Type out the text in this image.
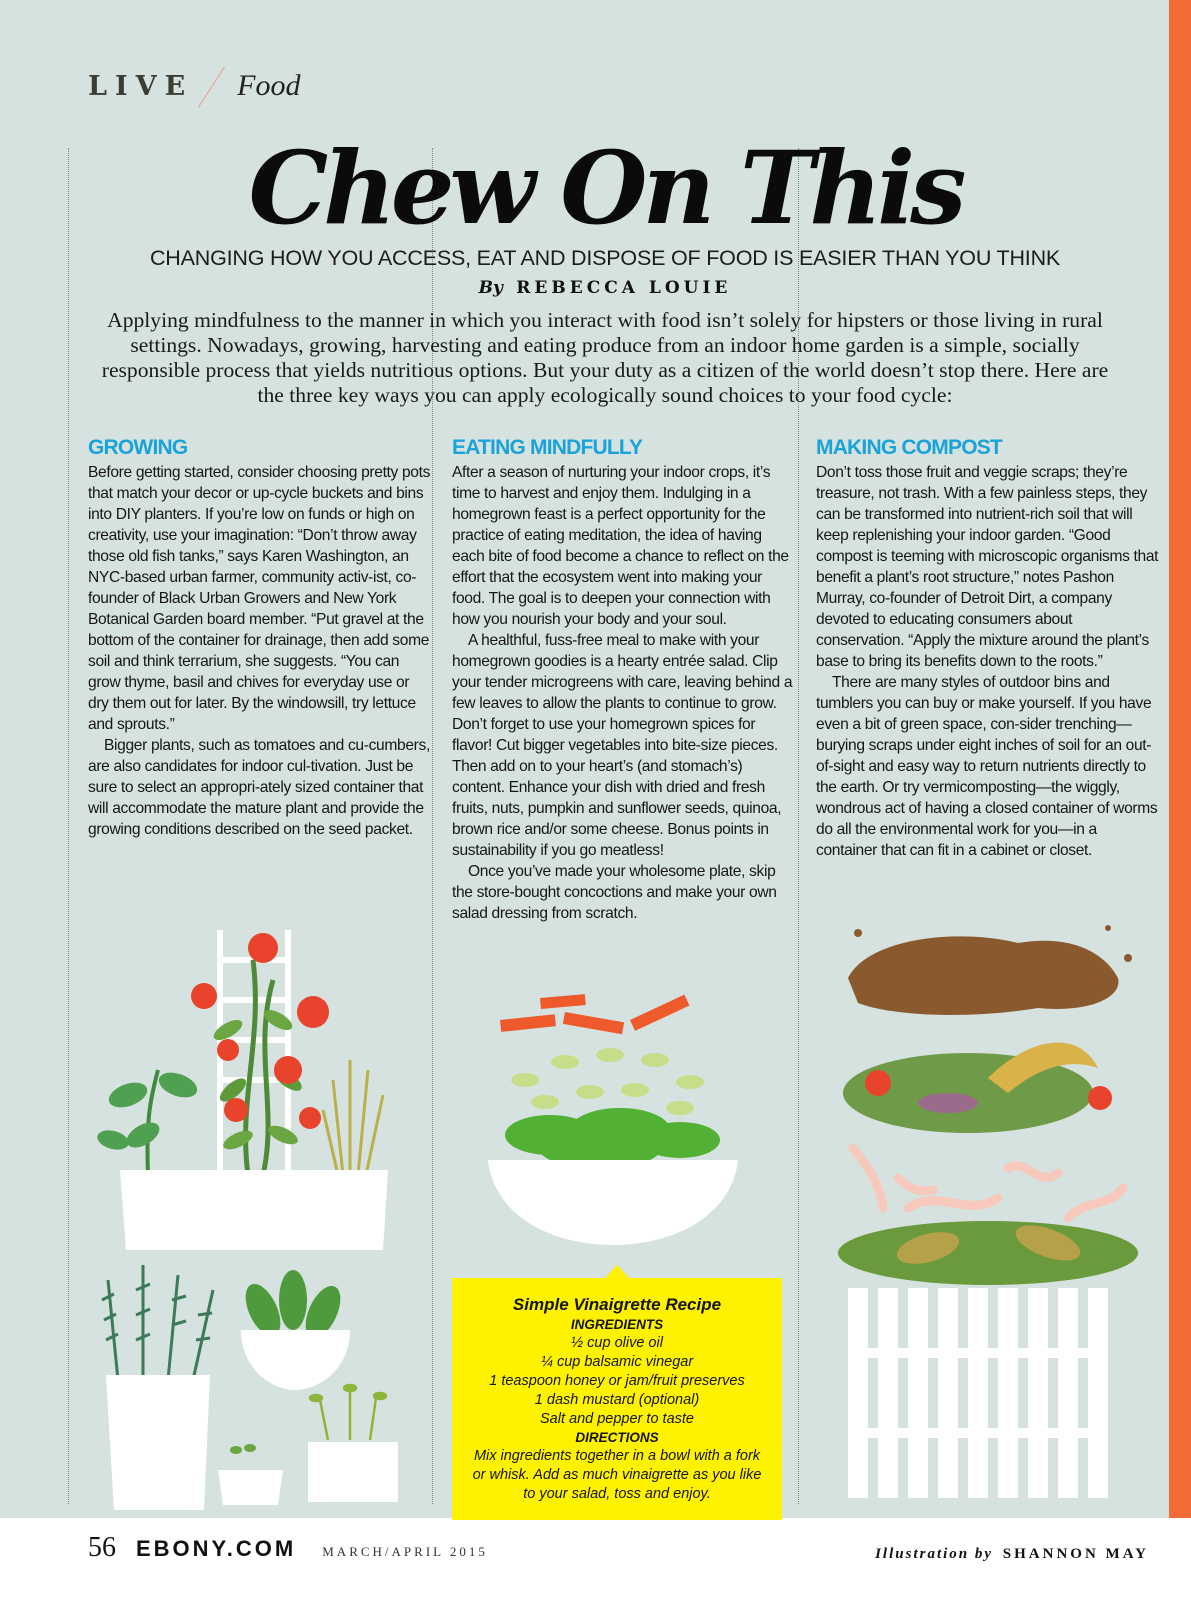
LIVE Food
Chew On This
CHANGING HOW YOU ACCESS, EAT AND DISPOSE OF FOOD IS EASIER THAN YOU THINK
By REBECCA LOUIE

Applying mindfulness to the manner in which you interact with food isn’t solely for hipsters or those living in rural settings. Nowadays, growing, harvesting and eating produce from an indoor home garden is a simple, socially responsible process that yields nutritious options. But your duty as a citizen of the world doesn’t stop there. Here are the three key ways you can apply ecologically sound choices to your food cycle:

GROWING

Before getting started, consider choosing pretty pots that match your decor or up-cycle buckets and bins into DIY planters. If you’re low on funds or high on creativity, use your imagination: “Don’t throw away those old fish tanks,” says Karen Washington, an NYC-based urban farmer, community activ-ist, co-founder of Black Urban Growers and New York Botanical Garden board member. “Put gravel at the bottom of the container for drainage, then add some soil and think terrarium, she suggests. “You can grow thyme, basil and chives for everyday use or dry them out for later. By the windowsill, try lettuce and sprouts.”

Bigger plants, such as tomatoes and cu-cumbers, are also candidates for indoor cul-tivation. Just be sure to select an appropri-ately sized container that will accommodate the mature plant and provide the growing conditions described on the seed packet.

EATING MINDFULLY

After a season of nurturing your indoor crops, it’s time to harvest and enjoy them. Indulging in a homegrown feast is a perfect opportunity for the practice of eating meditation, the idea of having each bite of food become a chance to reflect on the effort that the ecosystem went into making your food. The goal is to deepen your connection with how you nourish your body and your soul.

A healthful, fuss-free meal to make with your homegrown goodies is a hearty entrée salad. Clip your tender microgreens with care, leaving behind a few leaves to allow the plants to continue to grow. Don’t forget to use your homegrown spices for flavor! Cut bigger vegetables into bite-size pieces. Then add on to your heart’s (and stomach’s) content. Enhance your dish with dried and fresh fruits, nuts, pumpkin and sunflower seeds, quinoa, brown rice and/or some cheese. Bonus points in sustainability if you go meatless!

Once you’ve made your wholesome plate, skip the store-bought concoctions and make your own salad dressing from scratch.

MAKING COMPOST

Don’t toss those fruit and veggie scraps; they’re treasure, not trash. With a few painless steps, they can be transformed into nutrient-rich soil that will keep replenishing your indoor garden. “Good compost is teeming with microscopic organisms that benefit a plant’s root structure,” notes Pashon Murray, co-founder of Detroit Dirt, a company devoted to educating consumers about conservation. “Apply the mixture around the plant’s base to bring its benefits down to the roots.”

There are many styles of outdoor bins and tumblers you can buy or make yourself. If you have even a bit of green space, con-sider trenching—burying scraps under eight inches of soil for an out-of-sight and easy way to return nutrients directly to the earth. Or try vermicomposting—the wiggly, wondrous act of having a closed container of worms do all the environmental work for you—in a container that can fit in a cabinet or closet.

Simple Vinaigrette Recipe
INGREDIENTS
½ cup olive oil
¼ cup balsamic vinegar
1 teaspoon honey or jam/fruit preserves
1 dash mustard (optional)
Salt and pepper to taste
DIRECTIONS
Mix ingredients together in a bowl with a fork or whisk. Add as much vinaigrette as you like to your salad, toss and enjoy.
56 EBONY.COM MARCH/APRIL 2015	Illustration by SHANNON MAY
